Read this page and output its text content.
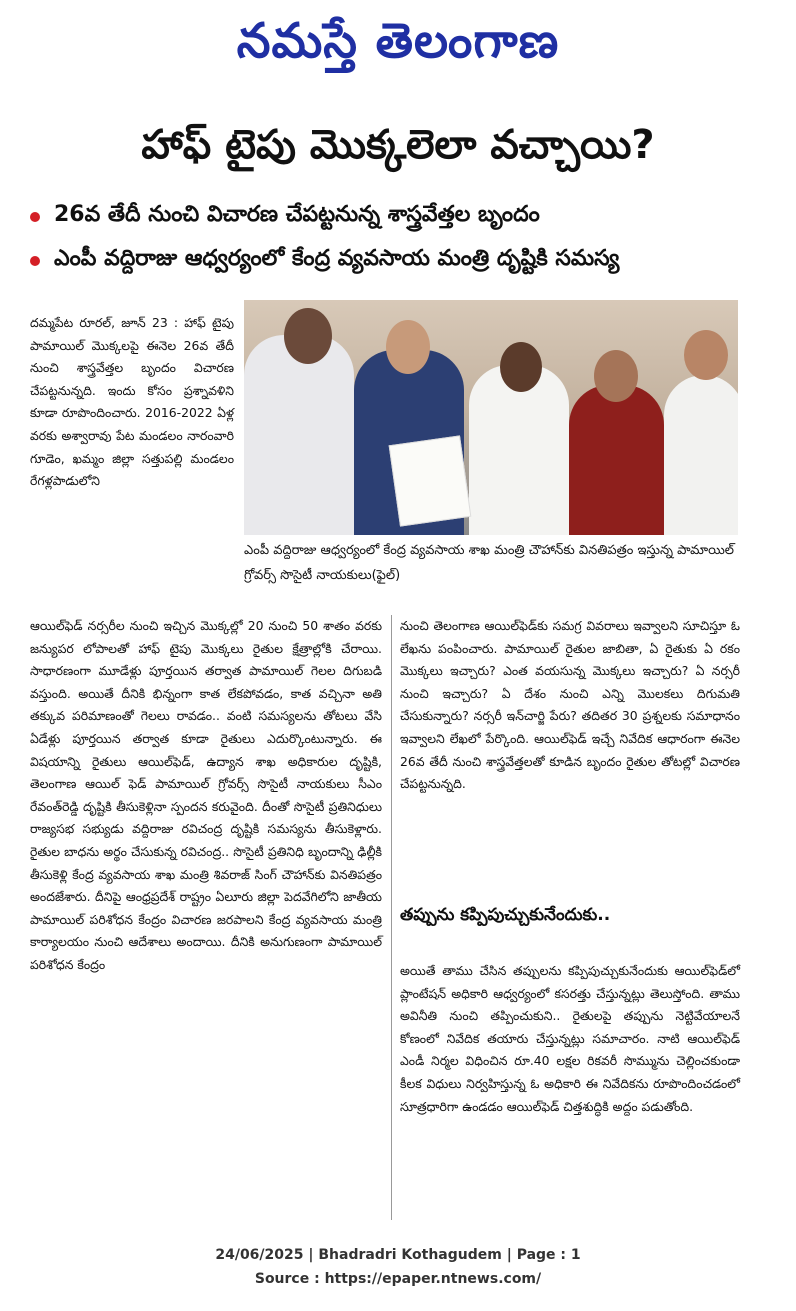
నమస్తే తెలంగాణ
హాఫ్ టైపు మొక్కలెలా వచ్చాయి?
26వ తేదీ నుంచి విచారణ చేపట్టనున్న శాస్త్రవేత్తల బృందం
ఎంపీ వద్దిరాజు ఆధ్వర్యంలో కేంద్ర వ్యవసాయ మంత్రి దృష్టికి సమస్య

దమ్మపేట రూరల్, జూన్ 23 : హాఫ్ టైపు పామాయిల్ మొక్కలపై ఈనెల 26వ తేదీ నుంచి శాస్త్రవేత్తల బృందం విచారణ చేపట్టనున్నది. ఇందు కోసం ప్రశ్నావళిని కూడా రూపొందించారు. 2016-2022 ఏళ్ల వరకు అశ్వారావు పేట మండలం నారంవారి గూడెం, ఖమ్మం జిల్లా సత్తుపల్లి మండలం రేగళ్లపాడులోని

ఎంపీ వద్దిరాజు ఆధ్వర్యంలో కేంద్ర వ్యవసాయ శాఖ మంత్రి చౌహాన్‌కు వినతిపత్రం ఇస్తున్న పామాయిల్ గ్రోవర్స్ సొసైటీ నాయకులు(ఫైల్)

ఆయిల్‌ఫెడ్ నర్సరీల నుంచి ఇచ్చిన మొక్కల్లో 20 నుంచి 50 శాతం వరకు జన్యుపర లోపాలతో హాఫ్ టైపు మొక్కలు రైతుల క్షేత్రాల్లోకి చేరాయి. సాధారణంగా మూడేళ్లు పూర్తయిన తర్వాత పామాయిల్ గెలల దిగుబడి వస్తుంది. అయితే దీనికి భిన్నంగా కాత లేకపోవడం, కాత వచ్చినా అతి తక్కువ పరిమాణంతో గెలలు రావడం.. వంటి సమస్యలను తోటలు వేసి ఏడేళ్లు పూర్తయిన తర్వాత కూడా రైతులు ఎదుర్కొంటున్నారు. ఈ విషయాన్ని రైతులు ఆయిల్‌ఫెడ్, ఉద్యాన శాఖ అధికారుల దృష్టికి, తెలంగాణ ఆయిల్ ఫెడ్ పామాయిల్ గ్రోవర్స్ సొసైటీ నాయకులు సీఎం రేవంత్‌రెడ్డి దృష్టికి తీసుకెళ్లినా స్పందన కరువైంది. దీంతో సొసైటీ ప్రతినిధులు రాజ్యసభ సభ్యుడు వద్దిరాజు రవిచంద్ర దృష్టికి సమస్యను తీసుకెళ్లారు. రైతుల బాధను అర్థం చేసుకున్న రవిచంద్ర.. సొసైటీ ప్రతినిధి బృందాన్ని ఢిల్లీకి తీసుకెళ్లి కేంద్ర వ్యవసాయ శాఖ మంత్రి శివరాజ్ సింగ్ చౌహాన్‌కు వినతిపత్రం అందజేశారు. దీనిపై ఆంధ్రప్రదేశ్ రాష్ట్రం ఏలూరు జిల్లా పెదవేగిలోని జాతీయ పామాయిల్ పరిశోధన కేంద్రం విచారణ జరపాలని కేంద్ర వ్యవసాయ మంత్రి కార్యాలయం నుంచి ఆదేశాలు అందాయి. దీనికి అనుగుణంగా పామాయిల్ పరిశోధన కేంద్రం

నుంచి తెలంగాణ ఆయిల్‌ఫెడ్‌కు సమగ్ర వివరాలు ఇవ్వాలని సూచిస్తూ ఓ లేఖను పంపించారు. పామాయిల్ రైతుల జాబితా, ఏ రైతుకు ఏ రకం మొక్కలు ఇచ్చారు? ఎంత వయసున్న మొక్కలు ఇచ్చారు? ఏ నర్సరీ నుంచి ఇచ్చారు? ఏ దేశం నుంచి ఎన్ని మొలకలు దిగుమతి చేసుకున్నారు? నర్సరీ ఇన్‌చార్జి పేరు? తదితర 30 ప్రశ్నలకు సమాధానం ఇవ్వాలని లేఖలో పేర్కొంది. ఆయిల్‌ఫెడ్ ఇచ్చే నివేదిక ఆధారంగా ఈనెల 26వ తేదీ నుంచి శాస్త్రవేత్తలతో కూడిన బృందం రైతుల తోటల్లో విచారణ చేపట్టనున్నది.

తప్పును కప్పిపుచ్చుకునేందుకు..

అయితే తాము చేసిన తప్పులను కప్పిపుచ్చుకునేందుకు ఆయిల్‌ఫెడ్‌లో ప్లాంటేషన్ అధికారి ఆధ్వర్యంలో కసరత్తు చేస్తున్నట్లు తెలుస్తోంది. తాము అవినీతి నుంచి తప్పించుకుని.. రైతులపై తప్పును నెట్టివేయాలనే కోణంలో నివేదిక తయారు చేస్తున్నట్లు సమాచారం. నాటి ఆయిల్‌ఫెడ్ ఎండీ నిర్మల విధించిన రూ.40 లక్షల రికవరీ సొమ్మును చెల్లించకుండా కీలక విధులు నిర్వహిస్తున్న ఓ అధికారి ఈ నివేదికను రూపొందించడంలో సూత్రధారిగా ఉండడం ఆయిల్‌ఫెడ్ చిత్తశుద్ధికి అద్దం పడుతోంది.

24/06/2025 | Bhadradri Kothagudem | Page : 1
Source : https://epaper.ntnews.com/
